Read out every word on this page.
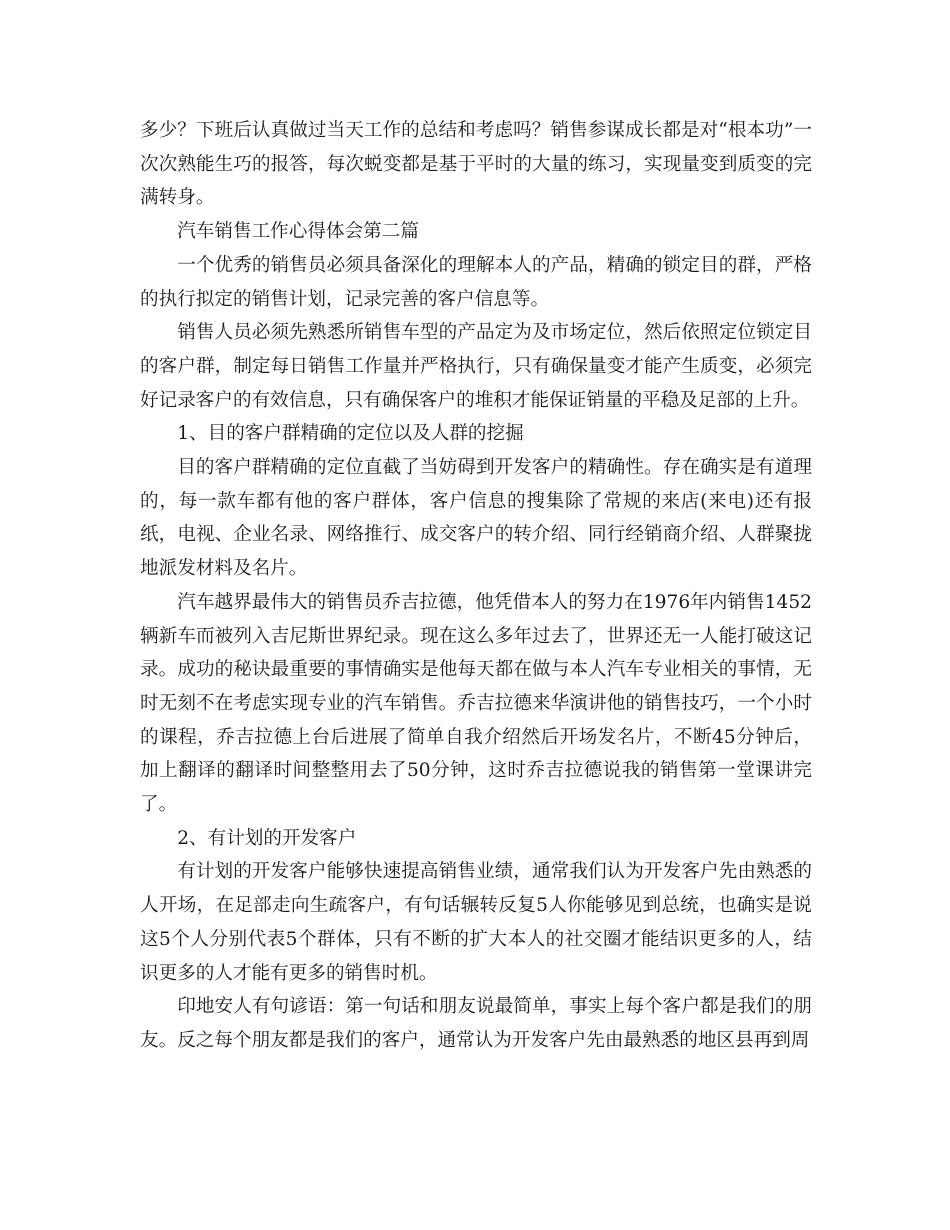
多少？下班后认真做过当天工作的总结和考虑吗？销售参谋成长都是对“根本功”一次次熟能生巧的报答，每次蜕变都是基于平时的大量的练习，实现量变到质变的完满转身。

汽车销售工作心得体会第二篇

一个优秀的销售员必须具备深化的理解本人的产品，精确的锁定目的群，严格的执行拟定的销售计划，记录完善的客户信息等。

销售人员必须先熟悉所销售车型的产品定为及市场定位，然后依照定位锁定目的客户群，制定每日销售工作量并严格执行，只有确保量变才能产生质变，必须完好记录客户的有效信息，只有确保客户的堆积才能保证销量的平稳及足部的上升。

1、目的客户群精确的定位以及人群的挖掘

目的客户群精确的定位直截了当妨碍到开发客户的精确性。存在确实是有道理的，每一款车都有他的客户群体，客户信息的搜集除了常规的来店(来电)还有报纸，电视、企业名录、网络推行、成交客户的转介绍、同行经销商介绍、人群聚拢地派发材料及名片。

汽车越界最伟大的销售员乔吉拉德，他凭借本人的努力在1976年内销售1452辆新车而被列入吉尼斯世界纪录。现在这么多年过去了，世界还无一人能打破这记录。成功的秘诀最重要的事情确实是他每天都在做与本人汽车专业相关的事情，无时无刻不在考虑实现专业的汽车销售。乔吉拉德来华演讲他的销售技巧，一个小时的课程，乔吉拉德上台后进展了简单自我介绍然后开场发名片，不断45分钟后，加上翻译的翻译时间整整用去了50分钟，这时乔吉拉德说我的销售第一堂课讲完了。

2、有计划的开发客户

有计划的开发客户能够快速提高销售业绩，通常我们认为开发客户先由熟悉的人开场，在足部走向生疏客户，有句话辗转反复5人你能够见到总统，也确实是说这5个人分别代表5个群体，只有不断的扩大本人的社交圈才能结识更多的人，结识更多的人才能有更多的销售时机。

印地安人有句谚语：第一句话和朋友说最简单，事实上每个客户都是我们的朋友。反之每个朋友都是我们的客户，通常认为开发客户先由最熟悉的地区县再到周
